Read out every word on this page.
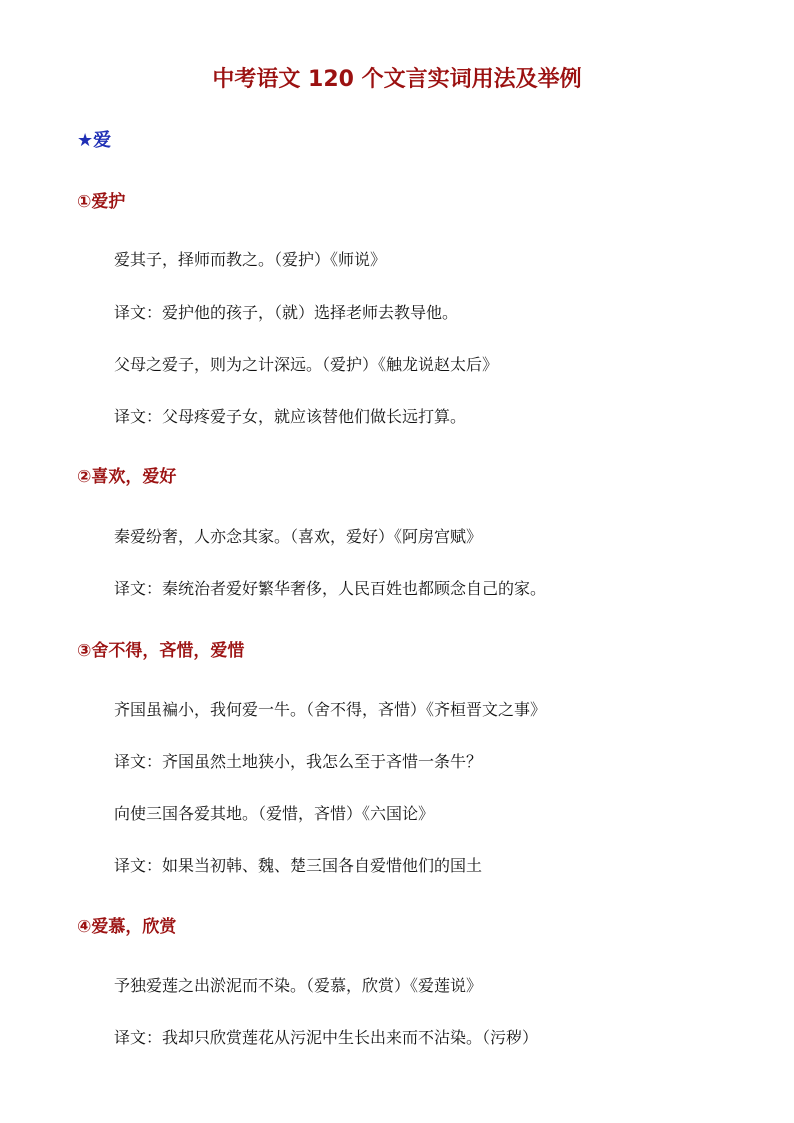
中考语文 120 个文言实词用法及举例
★爱
①爱护
爱其子，择师而教之。（爱护）《师说》
译文：爱护他的孩子，（就）选择老师去教导他。
父母之爱子，则为之计深远。（爱护）《触龙说赵太后》
译文：父母疼爱子女，就应该替他们做长远打算。
②喜欢，爱好
秦爱纷奢，人亦念其家。（喜欢，爱好）《阿房宫赋》
译文：秦统治者爱好繁华奢侈，人民百姓也都顾念自己的家。
③舍不得，吝惜，爱惜
齐国虽褊小，我何爱一牛。（舍不得，吝惜）《齐桓晋文之事》
译文：齐国虽然土地狭小，我怎么至于吝惜一条牛？
向使三国各爱其地。（爱惜，吝惜）《六国论》
译文：如果当初韩、魏、楚三国各自爱惜他们的国土
④爱慕，欣赏
予独爱莲之出淤泥而不染。（爱慕，欣赏）《爱莲说》
译文：我却只欣赏莲花从污泥中生长出来而不沾染。（污秽）
